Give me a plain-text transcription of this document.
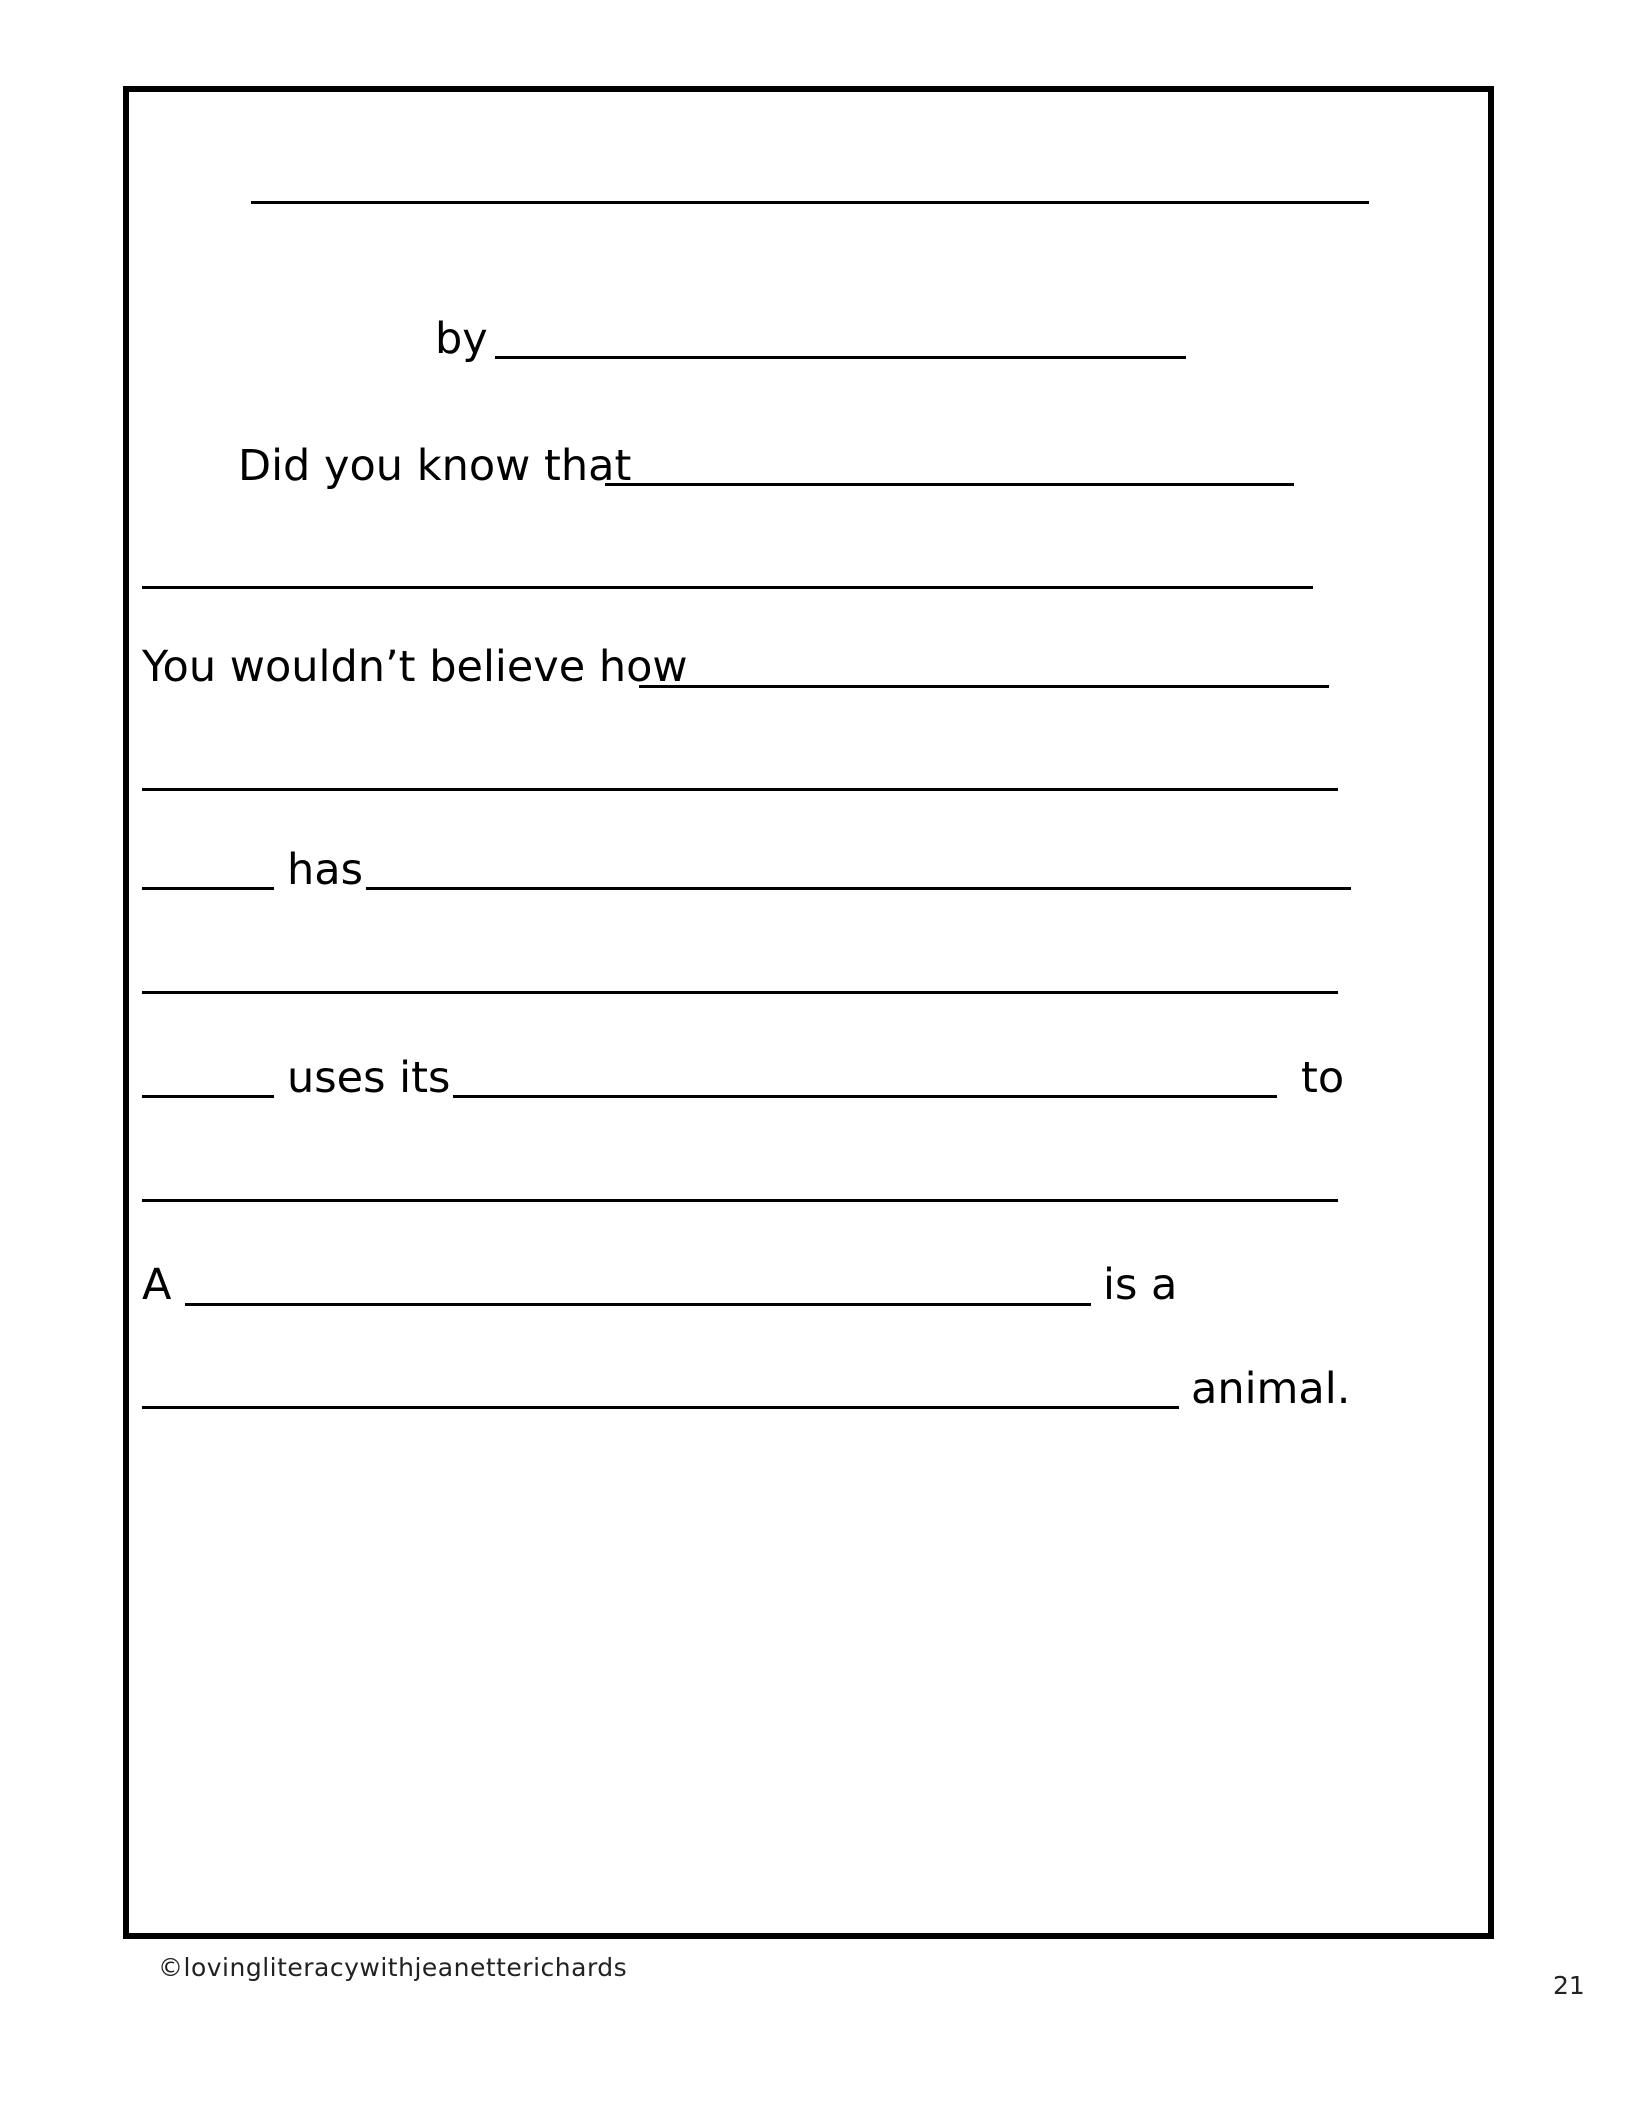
by
Did you know that
You wouldn’t believe how
has
uses its	to
A	is a
animal.
©lovingliteracywithjeanetterichards
21
